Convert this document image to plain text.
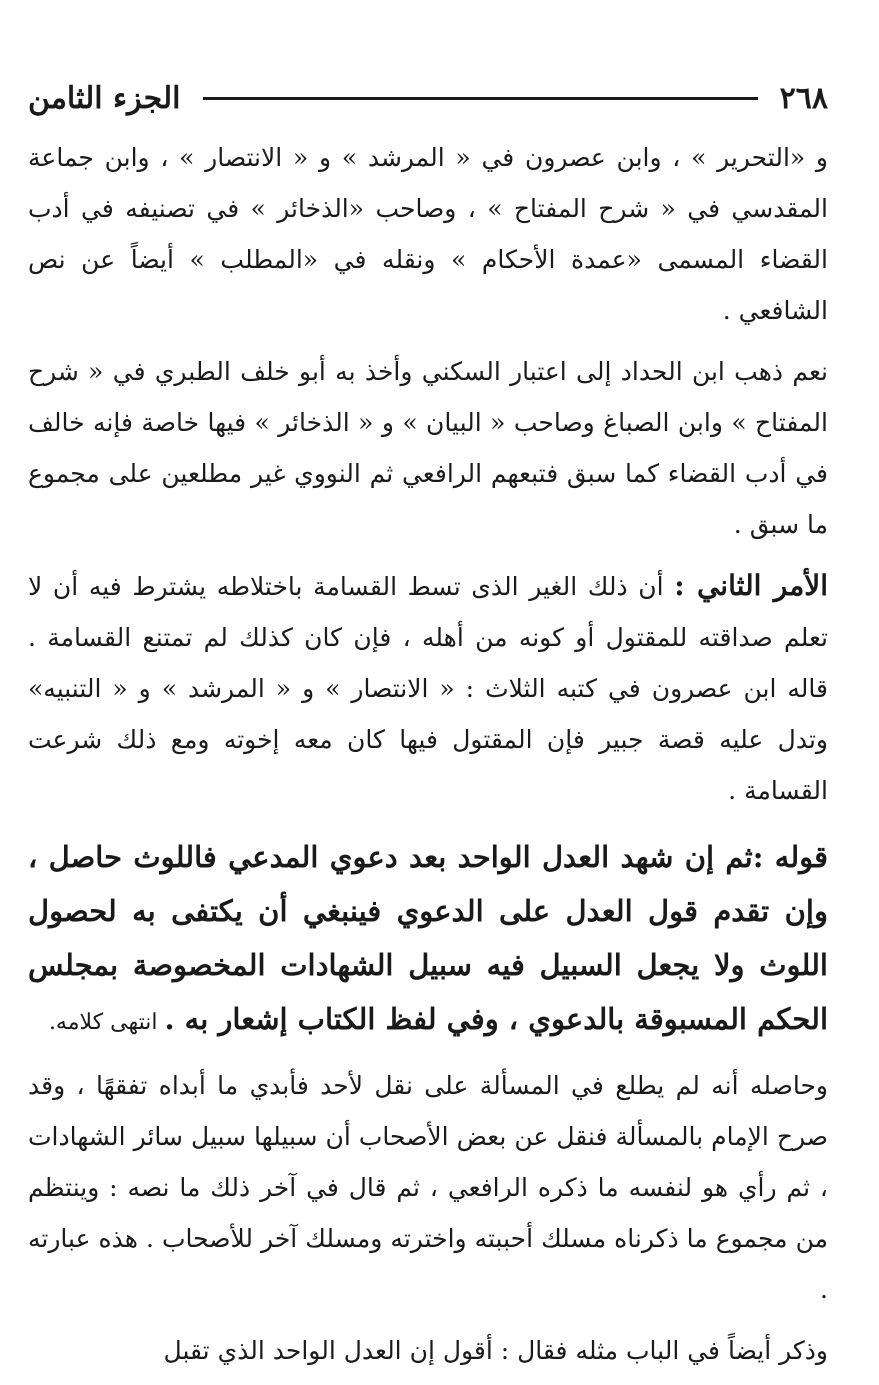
٢٦٨
الجزء الثامن

و «التحرير » ، وابن عصرون في « المرشد » و « الانتصار » ، وابن جماعة المقدسي في « شرح المفتاح » ، وصاحب «الذخائر » في تصنيفه في أدب القضاء المسمى «عمدة الأحكام » ونقله في «المطلب » أيضاً عن نص الشافعي .

نعم ذهب ابن الحداد إلى اعتبار السكني وأخذ به أبو خلف الطبري في « شرح المفتاح » وابن الصباغ وصاحب « البيان » و « الذخائر » فيها خاصة فإنه خالف في أدب القضاء كما سبق فتبعهم الرافعي ثم النووي غير مطلعين على مجموع ما سبق .

الأمر الثاني : أن ذلك الغير الذى تسط القسامة باختلاطه يشترط فيه أن لا تعلم صداقته للمقتول أو كونه من أهله ، فإن كان كذلك لم تمتنع القسامة . قاله ابن عصرون في كتبه الثلاث : « الانتصار » و « المرشد » و « التنبيه» وتدل عليه قصة جبير فإن المقتول فيها كان معه إخوته ومع ذلك شرعت القسامة .

قوله :ثم إن شهد العدل الواحد بعد دعوي المدعي فاللوث حاصل ، وإن تقدم قول العدل على الدعوي فينبغي أن يكتفى به لحصول اللوث ولا يجعل السبيل فيه سبيل الشهادات المخصوصة بمجلس الحكم المسبوقة بالدعوي ، وفي لفظ الكتاب إشعار به . انتهى كلامه.

وحاصله أنه لم يطلع في المسألة على نقل لأحد فأبدي ما أبداه تفقهًا ، وقد صرح الإمام بالمسألة فنقل عن بعض الأصحاب أن سبيلها سبيل سائر الشهادات ، ثم رأي هو لنفسه ما ذكره الرافعي ، ثم قال في آخر ذلك ما نصه : وينتظم من مجموع ما ذكرناه مسلك أحببته واخترته ومسلك آخر للأصحاب . هذه عبارته .

وذكر أيضاً في الباب مثله فقال : أقول إن العدل الواحد الذي تقبل
